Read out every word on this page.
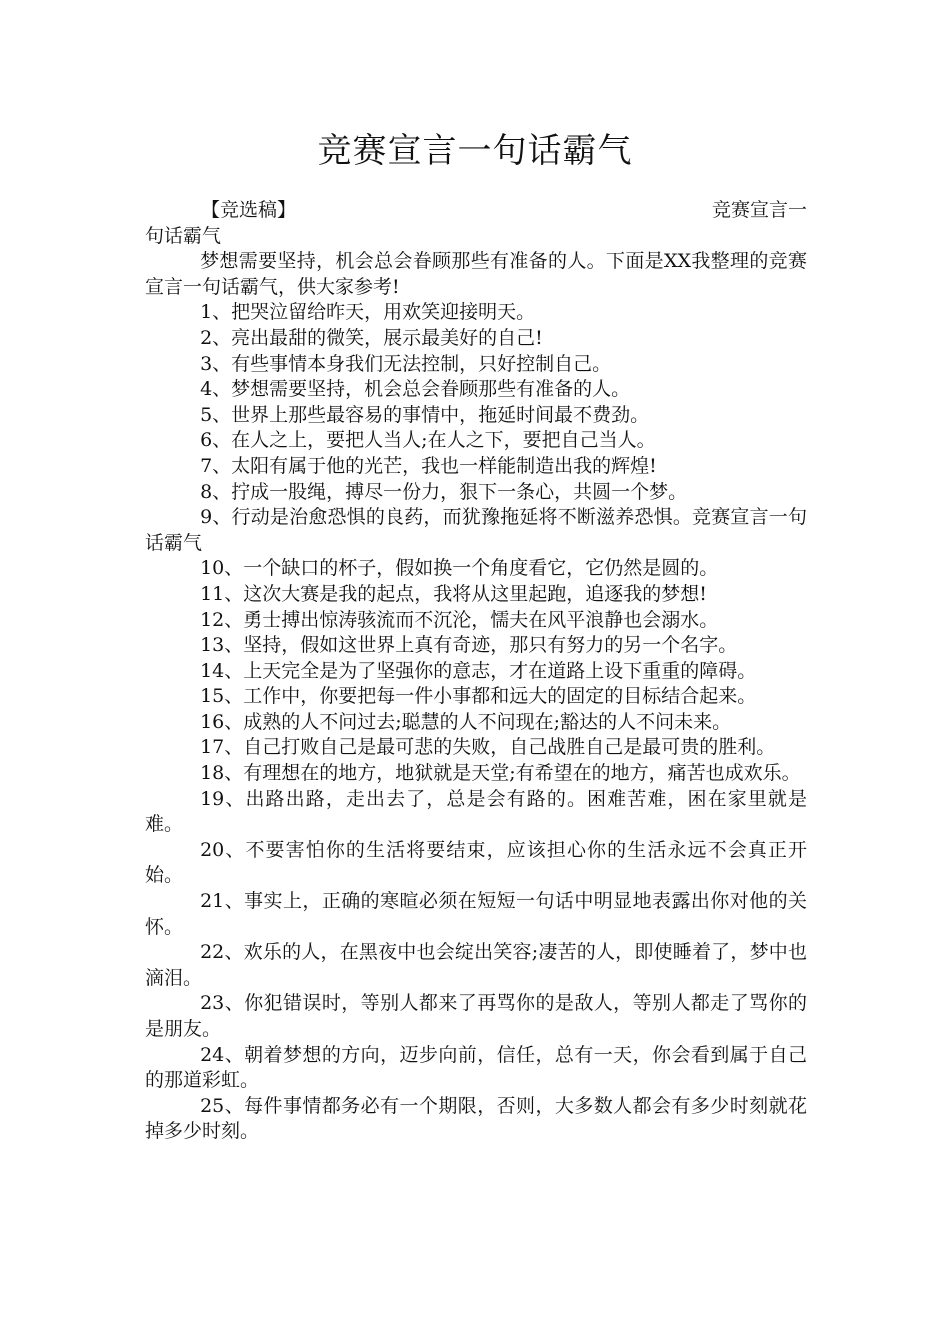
竞赛宣言一句话霸气
【竞选稿】	竞赛宣言一

句话霸气

梦想需要坚持，机会总会眷顾那些有准备的人。下面是XX我整理的竞赛宣言一句话霸气，供大家参考!

1、把哭泣留给昨天，用欢笑迎接明天。

2、亮出最甜的微笑，展示最美好的自己!

3、有些事情本身我们无法控制，只好控制自己。

4、梦想需要坚持，机会总会眷顾那些有准备的人。

5、世界上那些最容易的事情中，拖延时间最不费劲。

6、在人之上，要把人当人;在人之下，要把自己当人。

7、太阳有属于他的光芒，我也一样能制造出我的辉煌!

8、拧成一股绳，搏尽一份力，狠下一条心，共圆一个梦。

9、行动是治愈恐惧的良药，而犹豫拖延将不断滋养恐惧。竞赛宣言一句话霸气

10、一个缺口的杯子，假如换一个角度看它，它仍然是圆的。

11、这次大赛是我的起点，我将从这里起跑，追逐我的梦想!

12、勇士搏出惊涛骇流而不沉沦，懦夫在风平浪静也会溺水。

13、坚持，假如这世界上真有奇迹，那只有努力的另一个名字。

14、上天完全是为了坚强你的意志，才在道路上设下重重的障碍。

15、工作中，你要把每一件小事都和远大的固定的目标结合起来。

16、成熟的人不问过去;聪慧的人不问现在;豁达的人不问未来。

17、自己打败自己是最可悲的失败，自己战胜自己是最可贵的胜利。

18、有理想在的地方，地狱就是天堂;有希望在的地方，痛苦也成欢乐。

19、出路出路，走出去了，总是会有路的。困难苦难，困在家里就是难。

20、不要害怕你的生活将要结束，应该担心你的生活永远不会真正开始。

21、事实上，正确的寒暄必须在短短一句话中明显地表露出你对他的关怀。

22、欢乐的人，在黑夜中也会绽出笑容;凄苦的人，即使睡着了，梦中也滴泪。

23、你犯错误时，等别人都来了再骂你的是敌人，等别人都走了骂你的是朋友。

24、朝着梦想的方向，迈步向前，信任，总有一天，你会看到属于自己的那道彩虹。

25、每件事情都务必有一个期限，否则，大多数人都会有多少时刻就花掉多少时刻。
